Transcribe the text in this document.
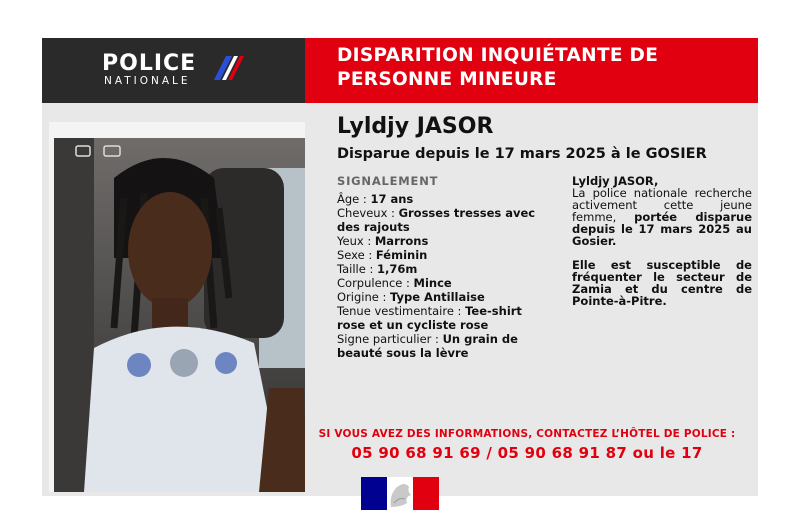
POLICE
NATIONALE
DISPARITION INQUIÉTANTE DE
PERSONNE MINEURE
Lyldjy JASOR
Disparue depuis le 17 mars 2025 à le GOSIER
SIGNALEMENT
Âge : 17 ans
Cheveux : Grosses tresses avec des rajouts
Yeux : Marrons
Sexe : Féminin
Taille : 1,76m
Corpulence : Mince
Origine : Type Antillaise
Tenue vestimentaire : Tee-shirt rose et un cycliste rose
Signe particulier : Un grain de beauté sous la lèvre
Lyldjy JASOR,
La police nationale recherche activement cette jeune femme, portée disparue depuis le 17 mars 2025 au Gosier.
Elle est susceptible de fréquenter le secteur de Zamia et du centre de Pointe-à-Pitre.
SI VOUS AVEZ DES INFORMATIONS, CONTACTEZ L’HÔTEL DE POLICE :
05 90 68 91 69 / 05 90 68 91 87 ou le 17
